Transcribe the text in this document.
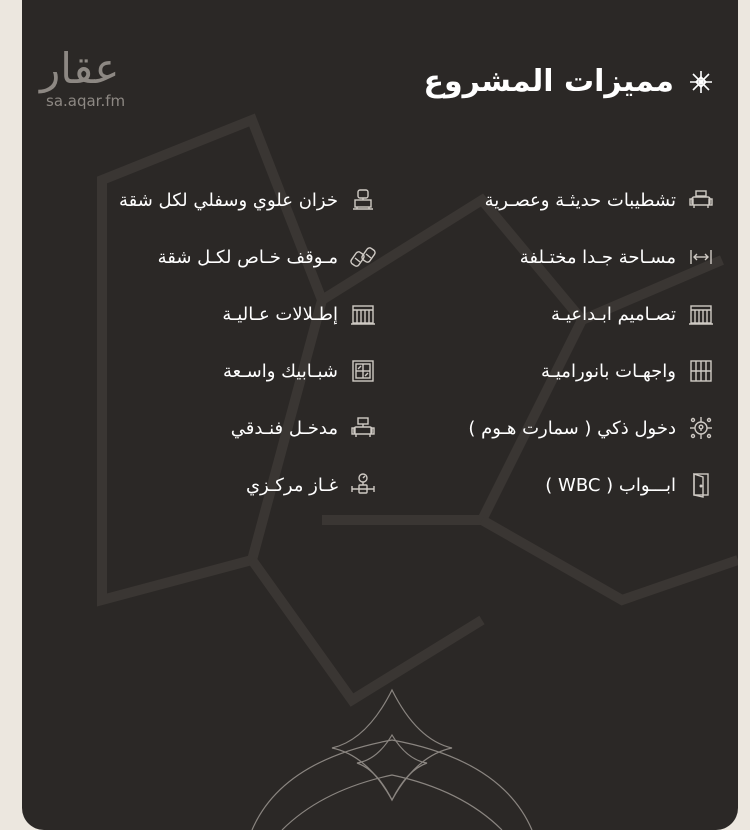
عقار
sa.aqar.fm
مميزات المشروع
تشطيبات حديثـة وعصـرية
مسـاحة جـدا مختـلفة
تصـاميم ابـداعيـة
واجهـات بانوراميـة
دخول ذكي ( سمارت هـوم )
ابـــواب ( WBC )
خزان علوي وسفلي لكل شقة
مـوقف خـاص لكـل شقة
إطـلالات عـاليـة
شبـابيك واسـعة
مدخـل فنـدقي
غـاز مركـزي
